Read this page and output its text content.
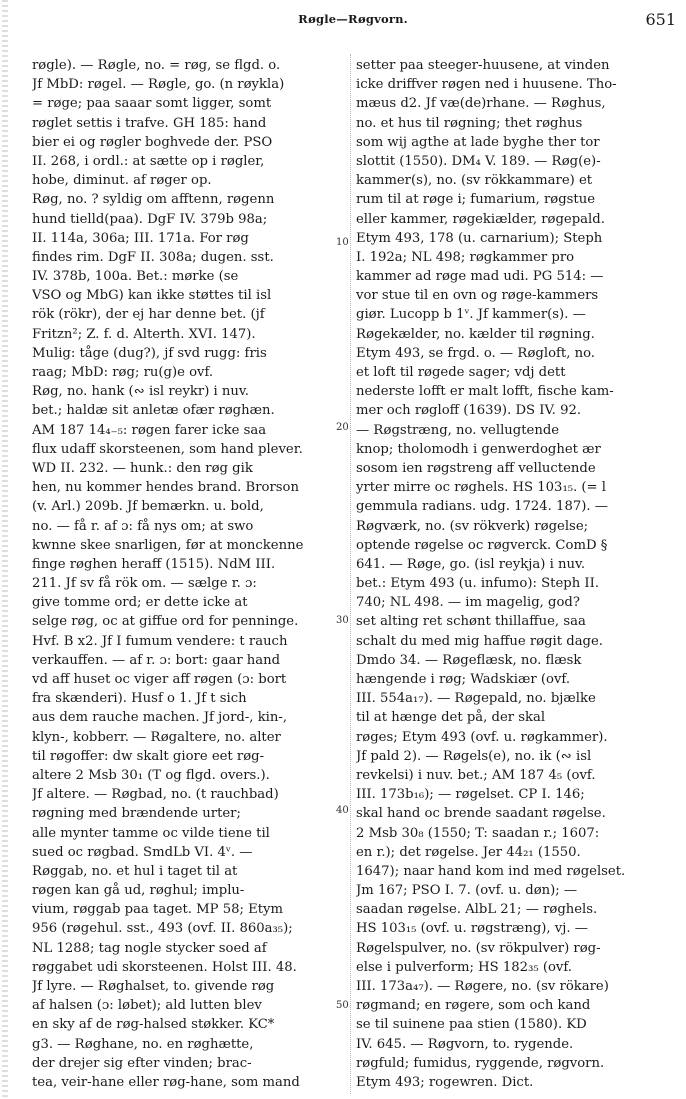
Røgle—Røgvorn.	651
røgle). — Røgle, no. = røg, se flgd. o.
Jf MbD: røgel. — Røgle, go. (n røykla)
= røge; paa saaar somt ligger, somt
røglet settis i trafve. GH 185: hand
bier ei og røgler boghvede der. PSO
II. 268, i ordl.: at sætte op i røgler,
hobe, diminut. af røger op.
Røg, no. ? syldig om afftenn, røgenn
hund tielld(paa). DgF IV. 379b 98a;
II. 114a, 306a; III. 171a. For røg
findes rim. DgF II. 308a; dugen. sst.
IV. 378b, 100a. Bet.: mørke (se
VSO og MbG) kan ikke støttes til isl
rök (rökr), der ej har denne bet. (jf
Fritzn²; Z. f. d. Alterth. XVI. 147).
Mulig: tåge (dug?), jf svd rugg: fris
raag; MbD: røg; ru(g)e ovf.
Røg, no. hank (∾ isl reykr) i nuv.
bet.; haldæ sit anletæ ofær røghæn.
AM 187 14₄₋₅: røgen farer icke saa
flux udaff skorsteenen, som hand plever.
WD II. 232. — hunk.: den røg gik
hen, nu kommer hendes brand. Brorson
(v. Arl.) 209b. Jf bemærkn. u. bold,
no. — få r. af ɔ: få nys om; at swo
kwnne skee snarligen, før at monckenne
finge røghen heraff (1515). NdM III.
211. Jf sv få rök om. — sælge r. ɔ:
give tomme ord; er dette icke at
selge røg, oc at giffue ord for penninge.
Hvf. B x2. Jf I fumum vendere: t rauch
verkauffen. — af r. ɔ: bort: gaar hand
vd aff huset oc viger aff røgen (ɔ: bort
fra skænderi). Husf o 1. Jf t sich
aus dem rauche machen. Jf jord-, kin-,
klyn-, kobberr. — Røgaltere, no. alter
til røgoffer: dw skalt giore eet røg-
altere 2 Msb 30₁ (T og flgd. overs.).
Jf altere. — Røgbad, no. (t rauchbad)
røgning med brændende urter;
alle mynter tamme oc vilde tiene til
sued oc røgbad. SmdLb VI. 4ᵛ. —
Røggab, no. et hul i taget til at
røgen kan gå ud, røghul; implu-
vium, røggab paa taget. MP 58; Etym
956 (røgehul. sst., 493 (ovf. II. 860a₃₅);
NL 1288; tag nogle stycker soed af
røggabet udi skorsteenen. Holst III. 48.
Jf lyre. — Røghalset, to. givende røg
af halsen (ɔ: løbet); ald lutten blev
en sky af de røg-halsed støkker. KC*
g3. — Røghane, no. en røghætte,
der drejer sig efter vinden; brac-
tea, veir-hane eller røg-hane, som mand
setter paa steeger-huusene, at vinden
icke driffver røgen ned i huusene. Tho-
mæus d2. Jf væ(de)rhane. — Røghus,
no. et hus til røgning; thet røghus
som wij agthe at lade byghe ther tor
slottit (1550). DM₄ V. 189. — Røg(e)-
kammer(s), no. (sv rökkammare) et
rum til at røge i; fumarium, røgstue
eller kammer, røgekiælder, røgepald.
Etym 493, 178 (u. carnarium); Steph
I. 192a; NL 498; røgkammer pro
kammer ad røge mad udi. PG 514: —
vor stue til en ovn og røge-kammers
giør. Lucopp b 1ᵛ. Jf kammer(s). —
Røgekælder, no. kælder til røgning.
Etym 493, se frgd. o. — Røgloft, no.
et loft til røgede sager; vdj dett
nederste lofft er malt lofft, fische kam-
mer och røgloff (1639). DS IV. 92.
— Røgstræng, no. vellugtende
knop; tholomodh i genwerdoghet ær
sosom ien røgstreng aff velluctende
yrter mirre oc røghels. HS 103₁₅. (= l
gemmula radians. udg. 1724. 187). —
Røgværk, no. (sv rökverk) røgelse;
optende røgelse oc røgverck. ComD §
641. — Røge, go. (isl reykja) i nuv.
bet.: Etym 493 (u. infumo): Steph II.
740; NL 498. — im magelig, god?
set alting ret schønt thillaffue, saa
schalt du med mig haffue røgit dage.
Dmdo 34. — Røgeflæsk, no. flæsk
hængende i røg; Wadskiær (ovf.
III. 554a₁₇). — Røgepald, no. bjælke
til at hænge det på, der skal
røges; Etym 493 (ovf. u. røgkammer).
Jf pald 2). — Røgels(e), no. ik (∾ isl
revkelsi) i nuv. bet.; AM 187 4₅ (ovf.
III. 173b₁₆); — røgelset. CP I. 146;
skal hand oc brende saadant røgelse.
2 Msb 30₈ (1550; T: saadan r.; 1607:
en r.); det røgelse. Jer 44₂₁ (1550.
1647); naar hand kom ind med røgelset.
Jm 167; PSO I. 7. (ovf. u. døn); —
saadan røgelse. AlbL 21; — røghels.
HS 103₁₅ (ovf. u. røgstræng), vj. —
Røgelspulver, no. (sv rökpulver) røg-
else i pulverform; HS 182₃₅ (ovf.
III. 173a₄₇). — Røgere, no. (sv rökare)
røgmand; en røgere, som och kand
se til suinene paa stien (1580). KD
IV. 645. — Røgvorn, to. rygende.
røgfuld; fumidus, ryggende, røgvorn.
Etym 493; rogewren. Dict.
10
20
30
40
50
